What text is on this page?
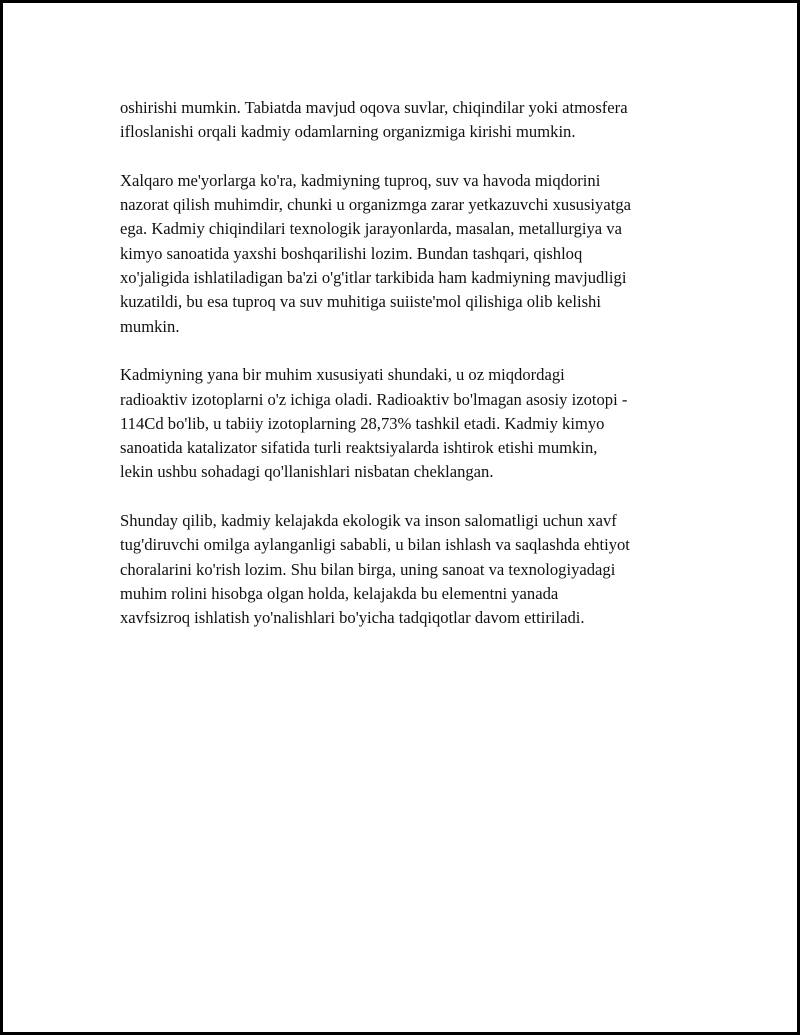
oshirishi mumkin. Tabiatda mavjud oqova suvlar, chiqindilar yoki atmosfera
ifloslanishi orqali kadmiy odamlarning organizmiga kirishi mumkin.

Xalqaro me'yorlarga ko'ra, kadmiyning tuproq, suv va havoda miqdorini
nazorat qilish muhimdir, chunki u organizmga zarar yetkazuvchi xususiyatga
ega. Kadmiy chiqindilari texnologik jarayonlarda, masalan, metallurgiya va
kimyo sanoatida yaxshi boshqarilishi lozim. Bundan tashqari, qishloq
xo'jaligida ishlatiladigan ba'zi o'g'itlar tarkibida ham kadmiyning mavjudligi
kuzatildi, bu esa tuproq va suv muhitiga suiiste'mol qilishiga olib kelishi
mumkin.

Kadmiyning yana bir muhim xususiyati shundaki, u oz miqdordagi
radioaktiv izotoplarni o'z ichiga oladi. Radioaktiv bo'lmagan asosiy izotopi -
114Cd bo'lib, u tabiiy izotoplarning 28,73% tashkil etadi. Kadmiy kimyo
sanoatida katalizator sifatida turli reaktsiyalarda ishtirok etishi mumkin,
lekin ushbu sohadagi qo'llanishlari nisbatan cheklangan.

Shunday qilib, kadmiy kelajakda ekologik va inson salomatligi uchun xavf
tug'diruvchi omilga aylanganligi sababli, u bilan ishlash va saqlashda ehtiyot
choralarini ko'rish lozim. Shu bilan birga, uning sanoat va texnologiyadagi
muhim rolini hisobga olgan holda, kelajakda bu elementni yanada
xavfsizroq ishlatish yo'nalishlari bo'yicha tadqiqotlar davom ettiriladi.
